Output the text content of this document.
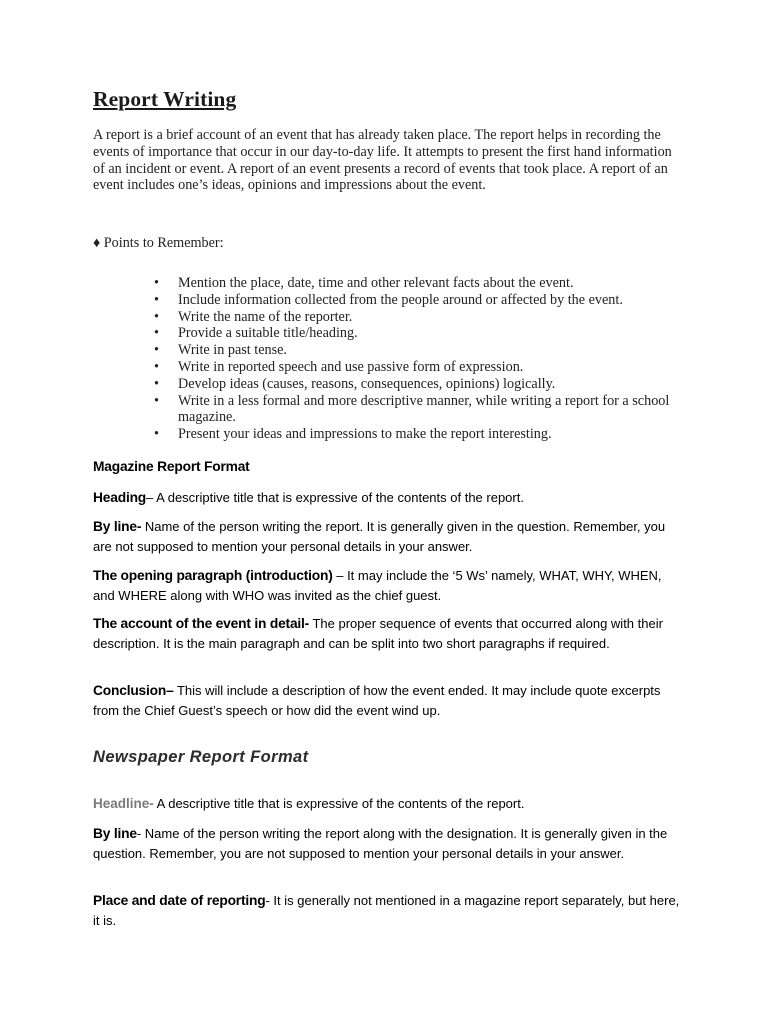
Report Writing
A report is a brief account of an event that has already taken place. The report helps in recording the events of importance that occur in our day-to-day life. It attempts to present the first hand information of an incident or event. A report of an event presents a record of events that took place. A report of an event includes one’s ideas, opinions and impressions about the event.
♦ Points to Remember:
• Mention the place, date, time and other relevant facts about the event.
• Include information collected from the people around or affected by the event.
• Write the name of the reporter.
• Provide a suitable title/heading.
• Write in past tense.
• Write in reported speech and use passive form of expression.
• Develop ideas (causes, reasons, consequences, opinions) logically.
• Write in a less formal and more descriptive manner, while writing a report for a school magazine.
• Present your ideas and impressions to make the report interesting.
Magazine Report Format
Heading– A descriptive title that is expressive of the contents of the report.
By line- Name of the person writing the report. It is generally given in the question. Remember, you are not supposed to mention your personal details in your answer.
The opening paragraph (introduction) – It may include the ‘5 Ws’ namely, WHAT, WHY, WHEN, and WHERE along with WHO was invited as the chief guest.
The account of the event in detail- The proper sequence of events that occurred along with their description. It is the main paragraph and can be split into two short paragraphs if required.
Conclusion– This will include a description of how the event ended. It may include quote excerpts from the Chief Guest’s speech or how did the event wind up.
Newspaper Report Format
Headline- A descriptive title that is expressive of the contents of the report.
By line- Name of the person writing the report along with the designation. It is generally given in the question. Remember, you are not supposed to mention your personal details in your answer.
Place and date of reporting- It is generally not mentioned in a magazine report separately, but here, it is.
